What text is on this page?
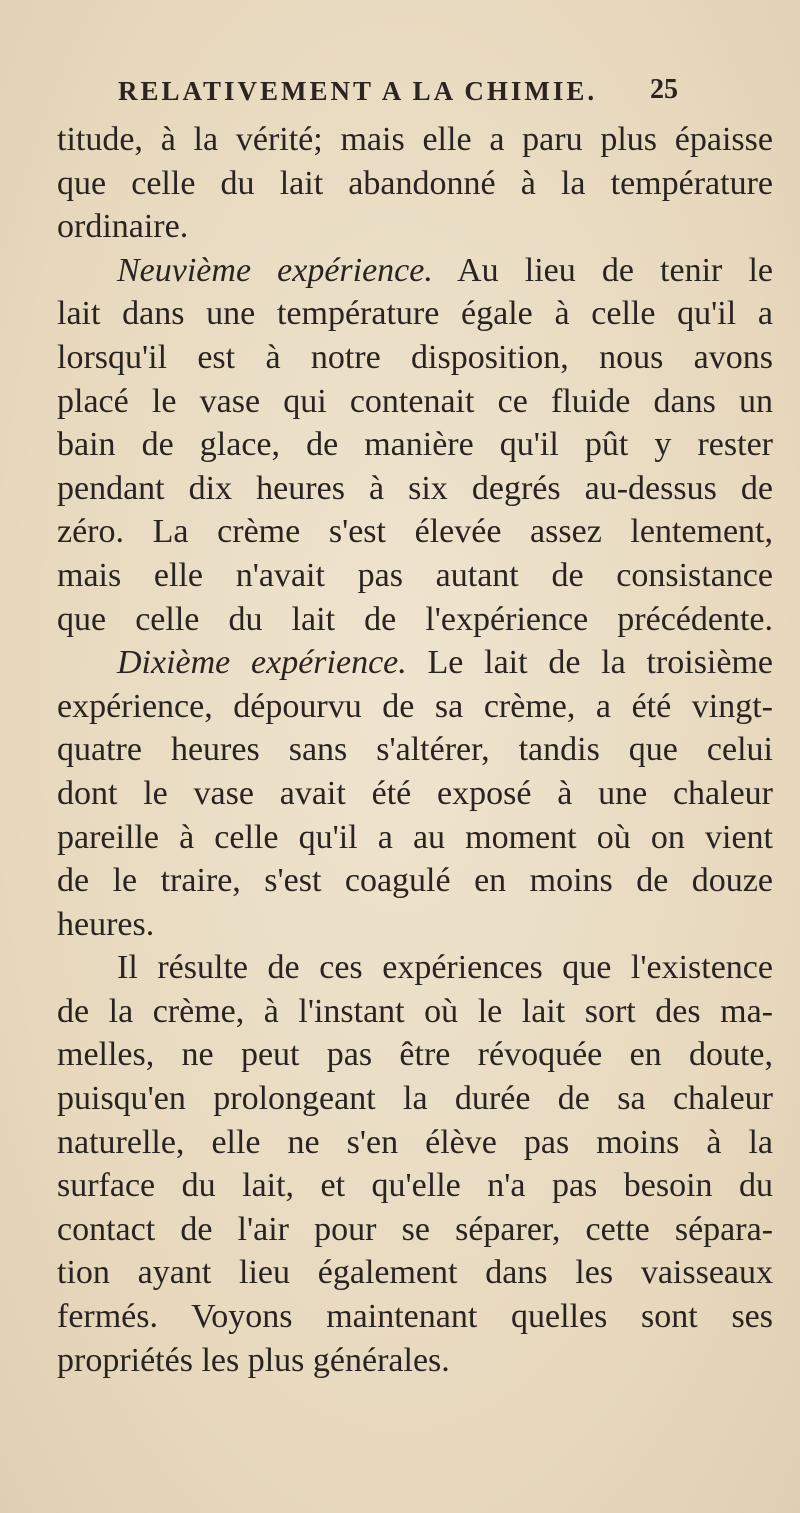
RELATIVEMENT A LA CHIMIE. 25
titude, à la vérité; mais elle a paru plus épaisse
que celle du lait abandonné à la température
ordinaire.
Neuvième expérience. Au lieu de tenir le
lait dans une température égale à celle qu'il a
lorsqu'il est à notre disposition, nous avons
placé le vase qui contenait ce fluide dans un
bain de glace, de manière qu'il pût y rester
pendant dix heures à six degrés au-dessus de
zéro. La crème s'est élevée assez lentement,
mais elle n'avait pas autant de consistance
que celle du lait de l'expérience précédente.
Dixième expérience. Le lait de la troisième
expérience, dépourvu de sa crème, a été vingt-
quatre heures sans s'altérer, tandis que celui
dont le vase avait été exposé à une chaleur
pareille à celle qu'il a au moment où on vient
de le traire, s'est coagulé en moins de douze
heures.
Il résulte de ces expériences que l'existence
de la crème, à l'instant où le lait sort des ma-
melles, ne peut pas être révoquée en doute,
puisqu'en prolongeant la durée de sa chaleur
naturelle, elle ne s'en élève pas moins à la
surface du lait, et qu'elle n'a pas besoin du
contact de l'air pour se séparer, cette sépara-
tion ayant lieu également dans les vaisseaux
fermés. Voyons maintenant quelles sont ses
propriétés les plus générales.
